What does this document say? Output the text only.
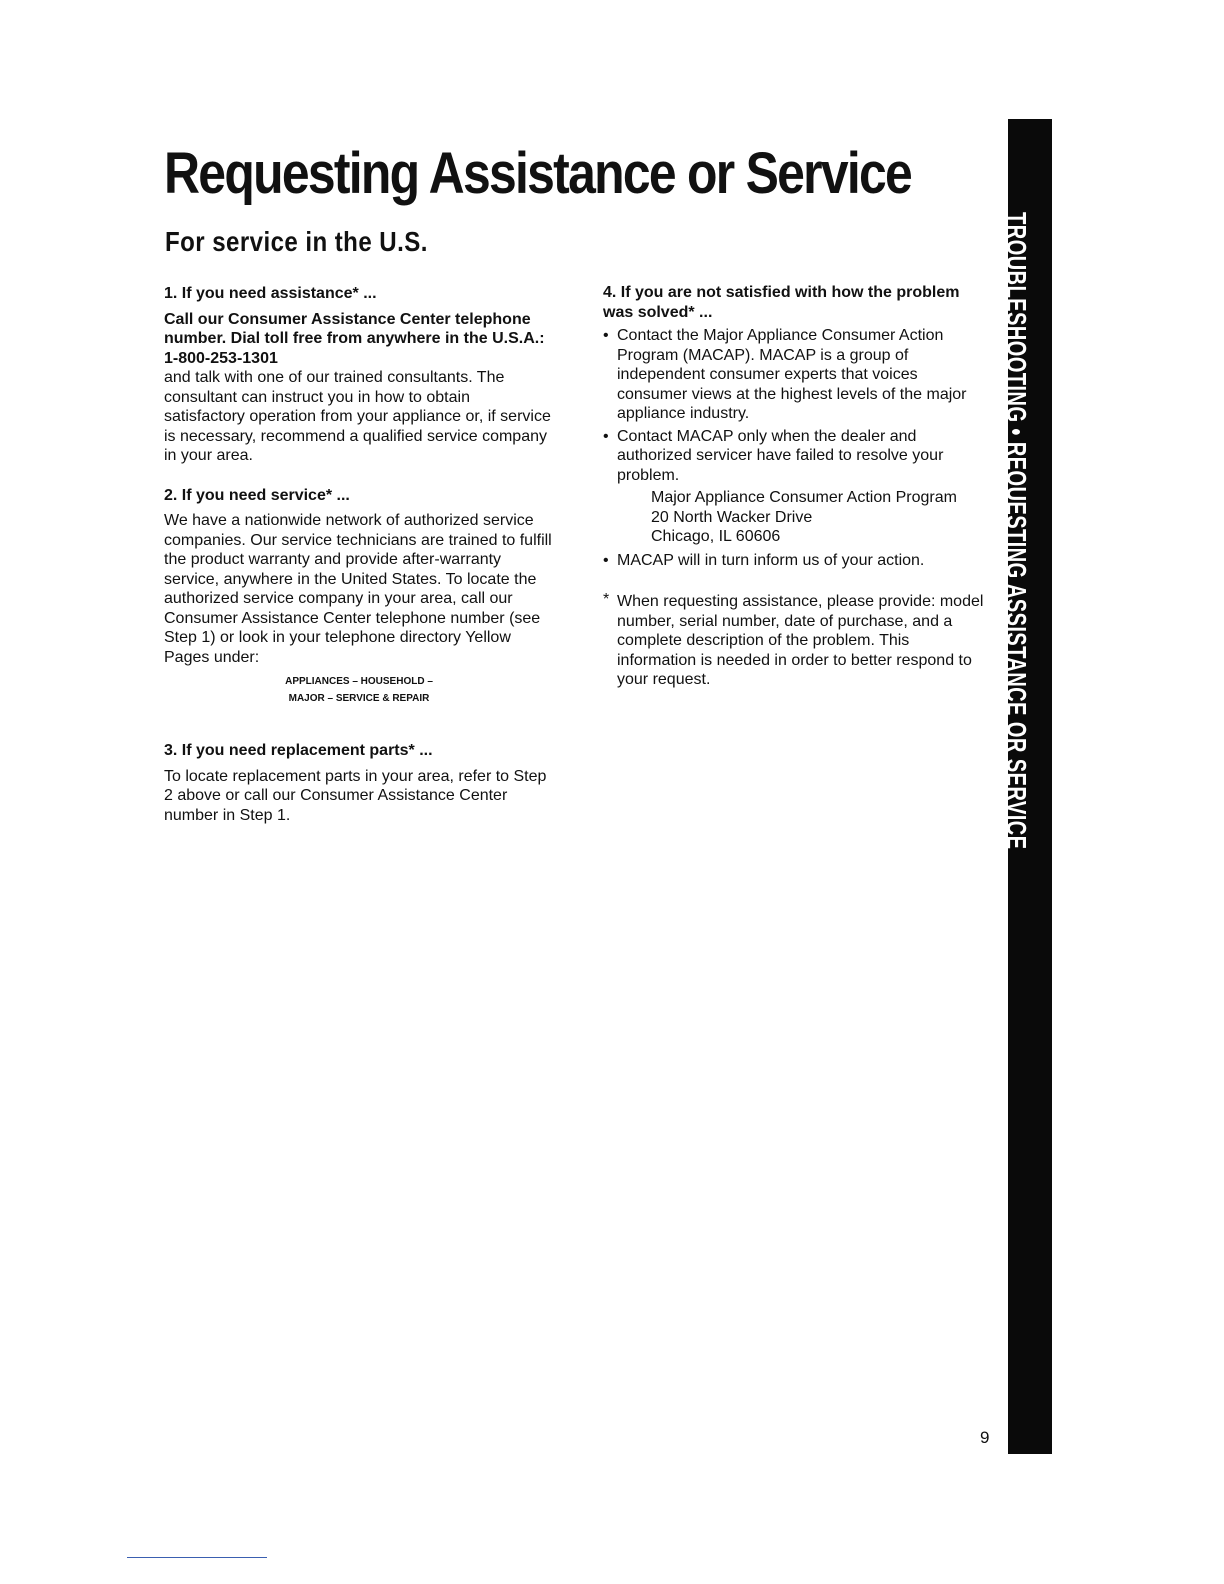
Requesting Assistance or Service
For service in the U.S.

1. If you need assistance* ...

Call our Consumer Assistance Center telephone number. Dial toll free from anywhere in the U.S.A.:

1-800-253-1301

and talk with one of our trained consultants. The consultant can instruct you in how to obtain satisfactory operation from your appliance or, if service is necessary, recommend a qualified service company in your area.

2. If you need service* ...

We have a nationwide network of authorized service companies. Our service technicians are trained to fulfill the product warranty and provide after-warranty service, anywhere in the United States. To locate the authorized service company in your area, call our Consumer Assistance Center telephone number (see Step 1) or look in your telephone directory Yellow Pages under:

APPLIANCES – HOUSEHOLD –
MAJOR – SERVICE & REPAIR

3. If you need replacement parts* ...

To locate replacement parts in your area, refer to Step 2 above or call our Consumer Assistance Center number in Step 1.

4. If you are not satisfied with how the problem was solved* ...

• Contact the Major Appliance Consumer Action Program (MACAP). MACAP is a group of independent consumer experts that voices consumer views at the highest levels of the major appliance industry.
• Contact MACAP only when the dealer and authorized servicer have failed to resolve your problem.
Major Appliance Consumer Action Program
20 North Wacker Drive
Chicago, IL 60606
• MACAP will in turn inform us of your action.
* When requesting assistance, please provide: model number, serial number, date of purchase, and a complete description of the problem. This information is needed in order to better respond to your request.	TROUBLESHOOTING • REQUESTING ASSISTANCE OR SERVICE
9
